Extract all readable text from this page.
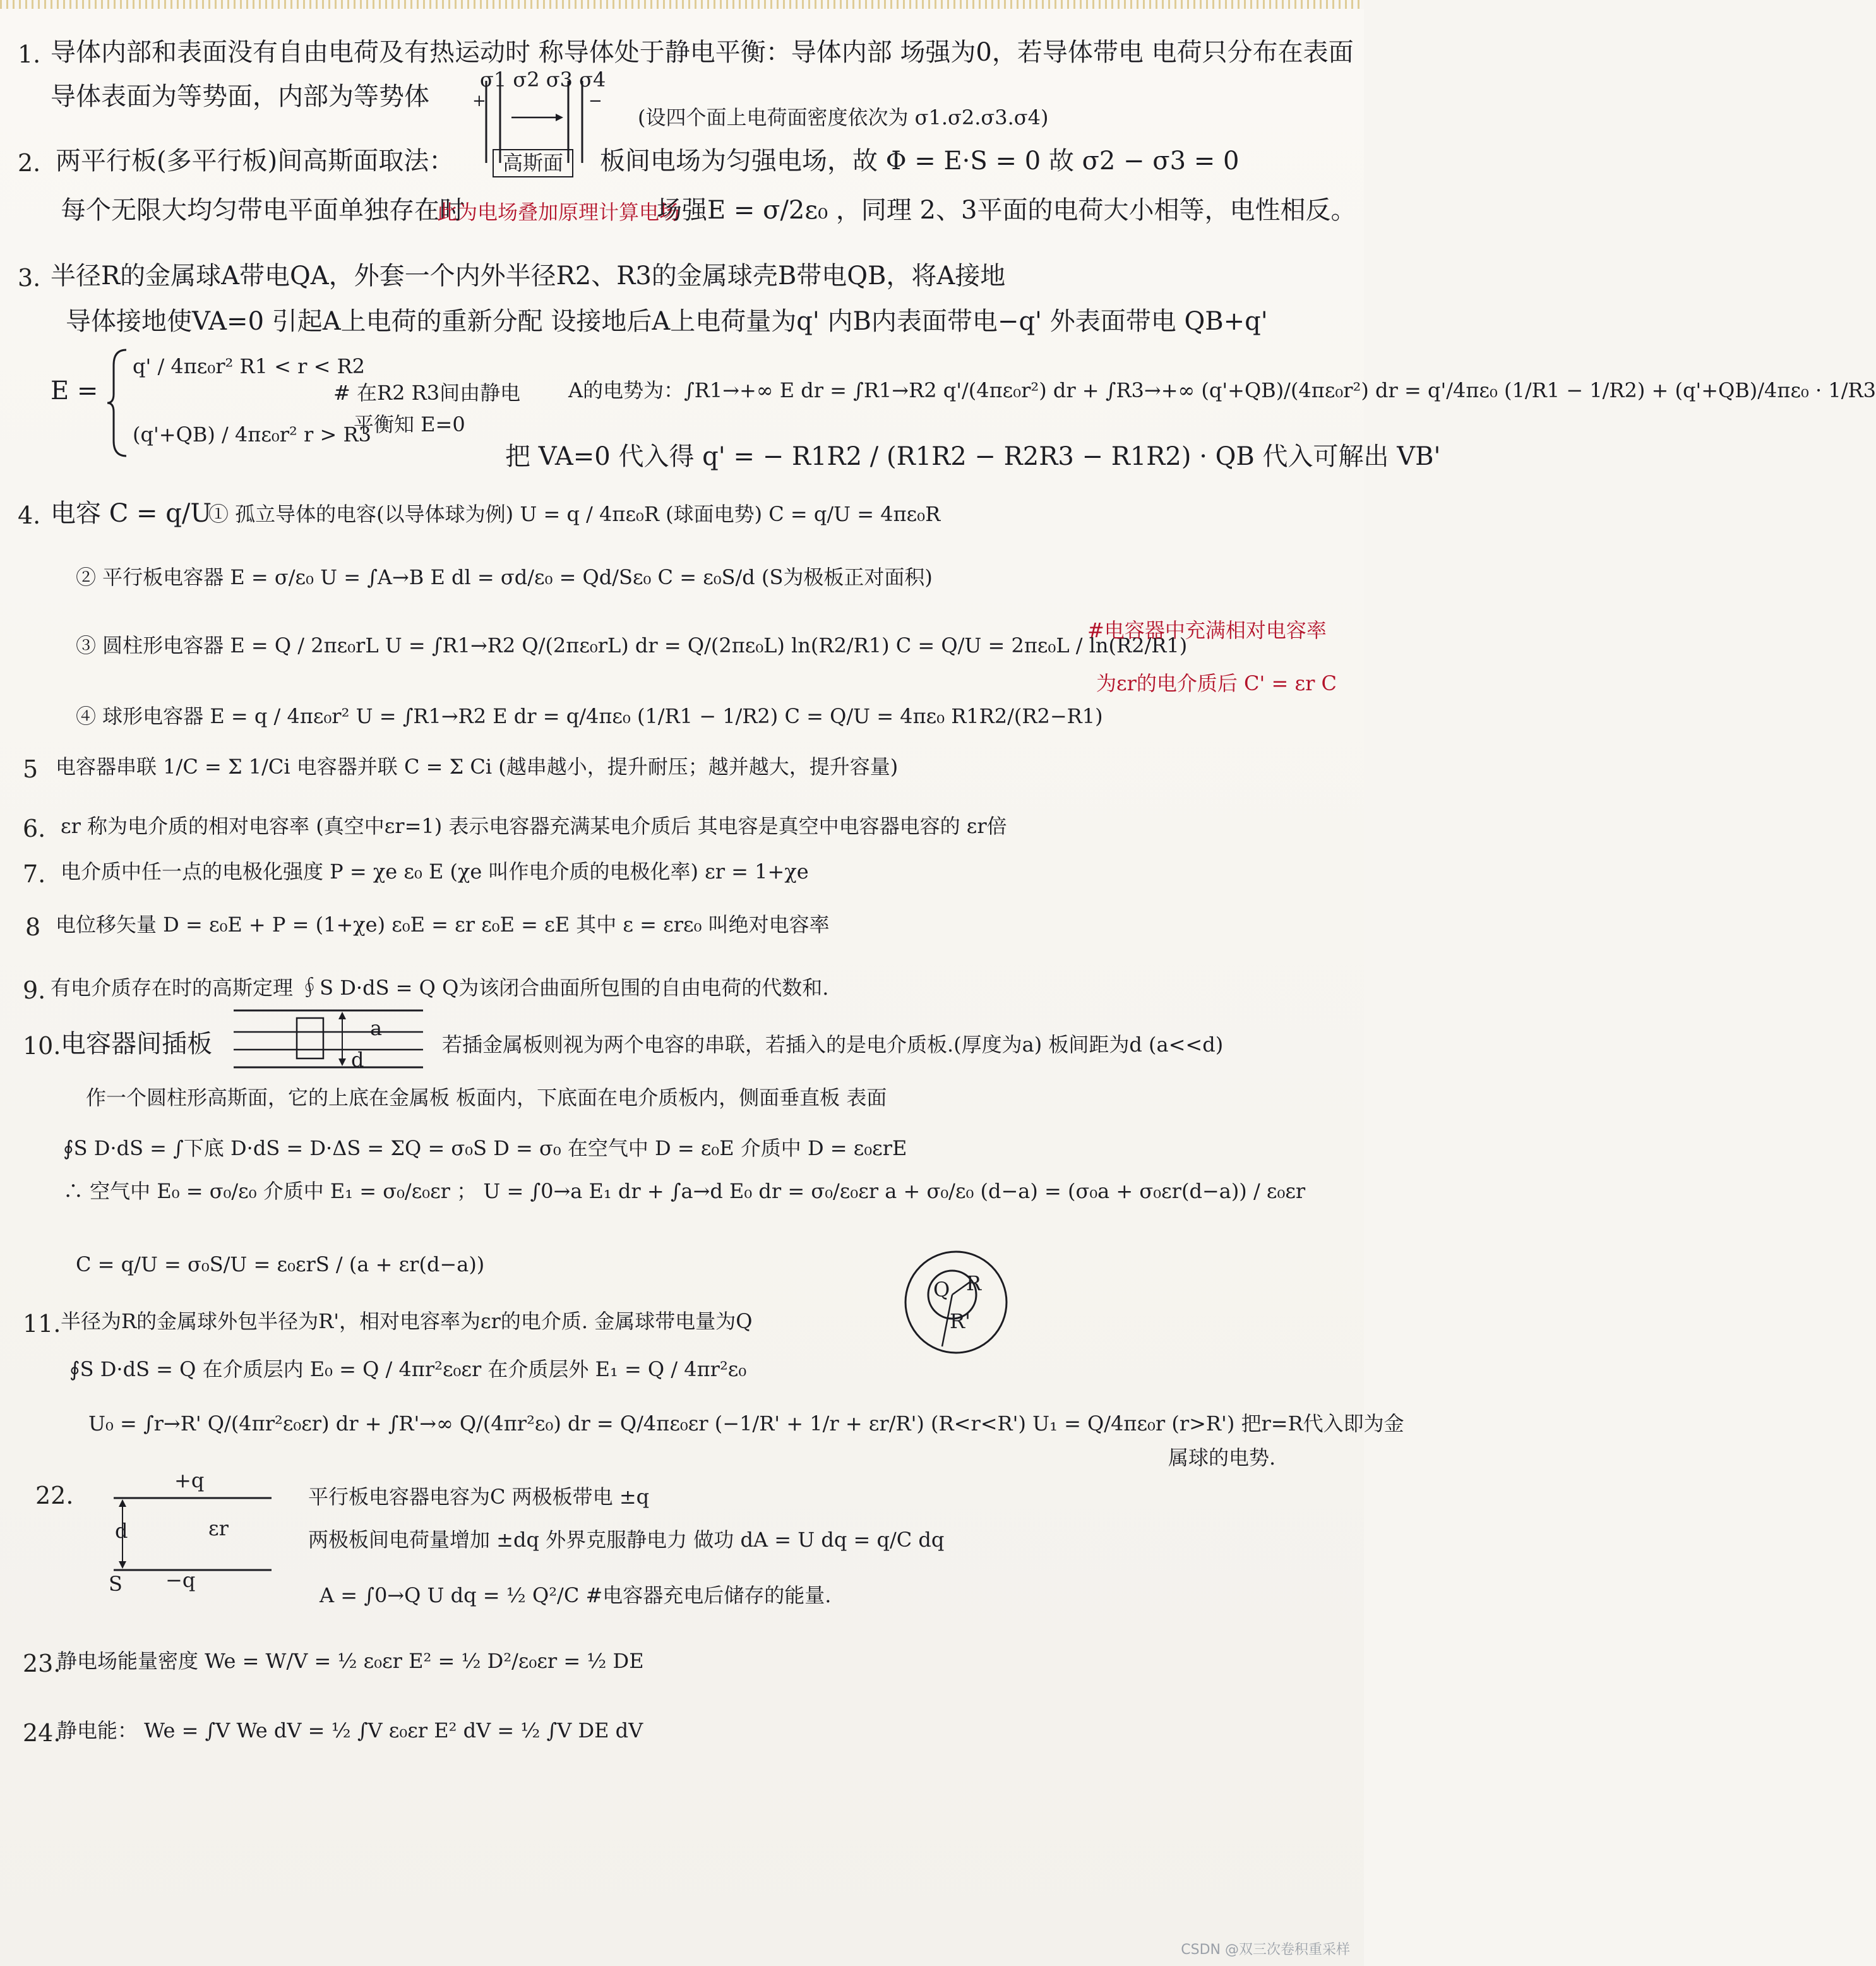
1. 导体内部和表面没有自由电荷及有热运动时 称导体处于静电平衡：导体内部 场强为0，若导体带电 电荷只分布在表面
导体表面为等势面，内部为等势体	+	−
σ1 σ2 σ3 σ4
(设四个面上电荷面密度依次为 σ1.σ2.σ3.σ4)
2. 两平行板(多平行板)间高斯面取法：	高斯面	板间电场为匀强电场，故 Φ = E·S = 0 故 σ2 − σ3 = 0
每个无限大均匀带电平面单独存在时
此为电场叠加原理计算电场
场强E = σ/2ε₀ ，同理 2、3平面的电荷大小相等，电性相反。
3. 半径R的金属球A带电QA，外套一个内外半径R2、R3的金属球壳B带电QB，将A接地
导体接地使VA=0 引起A上电荷的重新分配 设接地后A上电荷量为q' 内B内表面带电−q' 外表面带电 QB+q'
E =
q' / 4πε₀r² R1 < r < R2
(q'+QB) / 4πε₀r² r > R3
# 在R2 R3间由静电
平衡知 E=0
A的电势为：∫R1→+∞ E dr = ∫R1→R2 q'/(4πε₀r²) dr + ∫R3→+∞ (q'+QB)/(4πε₀r²) dr = q'/4πε₀ (1/R1 − 1/R2) + (q'+QB)/4πε₀ · 1/R3
把 VA=0 代入得 q' = − R1R2 / (R1R2 − R2R3 − R1R2) · QB 代入可解出 VB'
4. 电容 C = q/U
① 孤立导体的电容(以导体球为例) U = q / 4πε₀R (球面电势) C = q/U = 4πε₀R
② 平行板电容器 E = σ/ε₀ U = ∫A→B E dl = σd/ε₀ = Qd/Sε₀ C = ε₀S/d (S为极板正对面积)
③ 圆柱形电容器 E = Q / 2πε₀rL U = ∫R1→R2 Q/(2πε₀rL) dr = Q/(2πε₀L) ln(R2/R1) C = Q/U = 2πε₀L / ln(R2/R1)
#电容器中充满相对电容率
为εr的电介质后 C' = εr C
④ 球形电容器 E = q / 4πε₀r² U = ∫R1→R2 E dr = q/4πε₀ (1/R1 − 1/R2) C = Q/U = 4πε₀ R1R2/(R2−R1)
5 电容器串联 1/C = Σ 1/Ci 电容器并联 C = Σ Ci (越串越小，提升耐压；越并越大，提升容量)
6. εr 称为电介质的相对电容率 (真空中εr=1) 表示电容器充满某电介质后 其电容是真空中电容器电容的 εr倍
7. 电介质中任一点的电极化强度 P = χe ε₀ E (χe 叫作电介质的电极化率) εr = 1+χe
8 电位移矢量 D = ε₀E + P = (1+χe) ε₀E = εr ε₀E = εE 其中 ε = εrε₀ 叫绝对电容率
9. 有电介质存在时的高斯定理 ∮S D·dS = Q Q为该闭合曲面所包围的自由电荷的代数和.
10. 电容器间插板
a
d
若插金属板则视为两个电容的串联，若插入的是电介质板.(厚度为a) 板间距为d (a<<d)
作一个圆柱形高斯面，它的上底在金属板 板面内，下底面在电介质板内，侧面垂直板 表面
∮S D·dS = ∫下底 D·dS = D·ΔS = ΣQ = σ₀S D = σ₀ 在空气中 D = ε₀E 介质中 D = ε₀εrE
∴ 空气中 E₀ = σ₀/ε₀ 介质中 E₁ = σ₀/ε₀εr ； U = ∫0→a E₁ dr + ∫a→d E₀ dr = σ₀/ε₀εr a + σ₀/ε₀ (d−a) = (σ₀a + σ₀εr(d−a)) / ε₀εr
C = q/U = σ₀S/U = ε₀εrS / (a + εr(d−a))
Q R
R'
11. 半径为R的金属球外包半径为R'，相对电容率为εr的电介质. 金属球带电量为Q
∮S D·dS = Q 在介质层内 E₀ = Q / 4πr²ε₀εr 在介质层外 E₁ = Q / 4πr²ε₀
U₀ = ∫r→R' Q/(4πr²ε₀εr) dr + ∫R'→∞ Q/(4πr²ε₀) dr = Q/4πε₀εr (−1/R' + 1/r + εr/R') (R<r<R') U₁ = Q/4πε₀r (r>R') 把r=R代入即为金
属球的电势.
22.
+q
−q
d	εr
S
平行板电容器电容为C 两极板带电 ±q
两极板间电荷量增加 ±dq 外界克服静电力 做功 dA = U dq = q/C dq
A = ∫0→Q U dq = ½ Q²/C #电容器充电后储存的能量.
23.
静电场能量密度 We = W/V = ½ ε₀εr E² = ½ D²/ε₀εr = ½ DE
24.
静电能： We = ∫V We dV = ½ ∫V ε₀εr E² dV = ½ ∫V DE dV
CSDN @双三次卷积重采样
